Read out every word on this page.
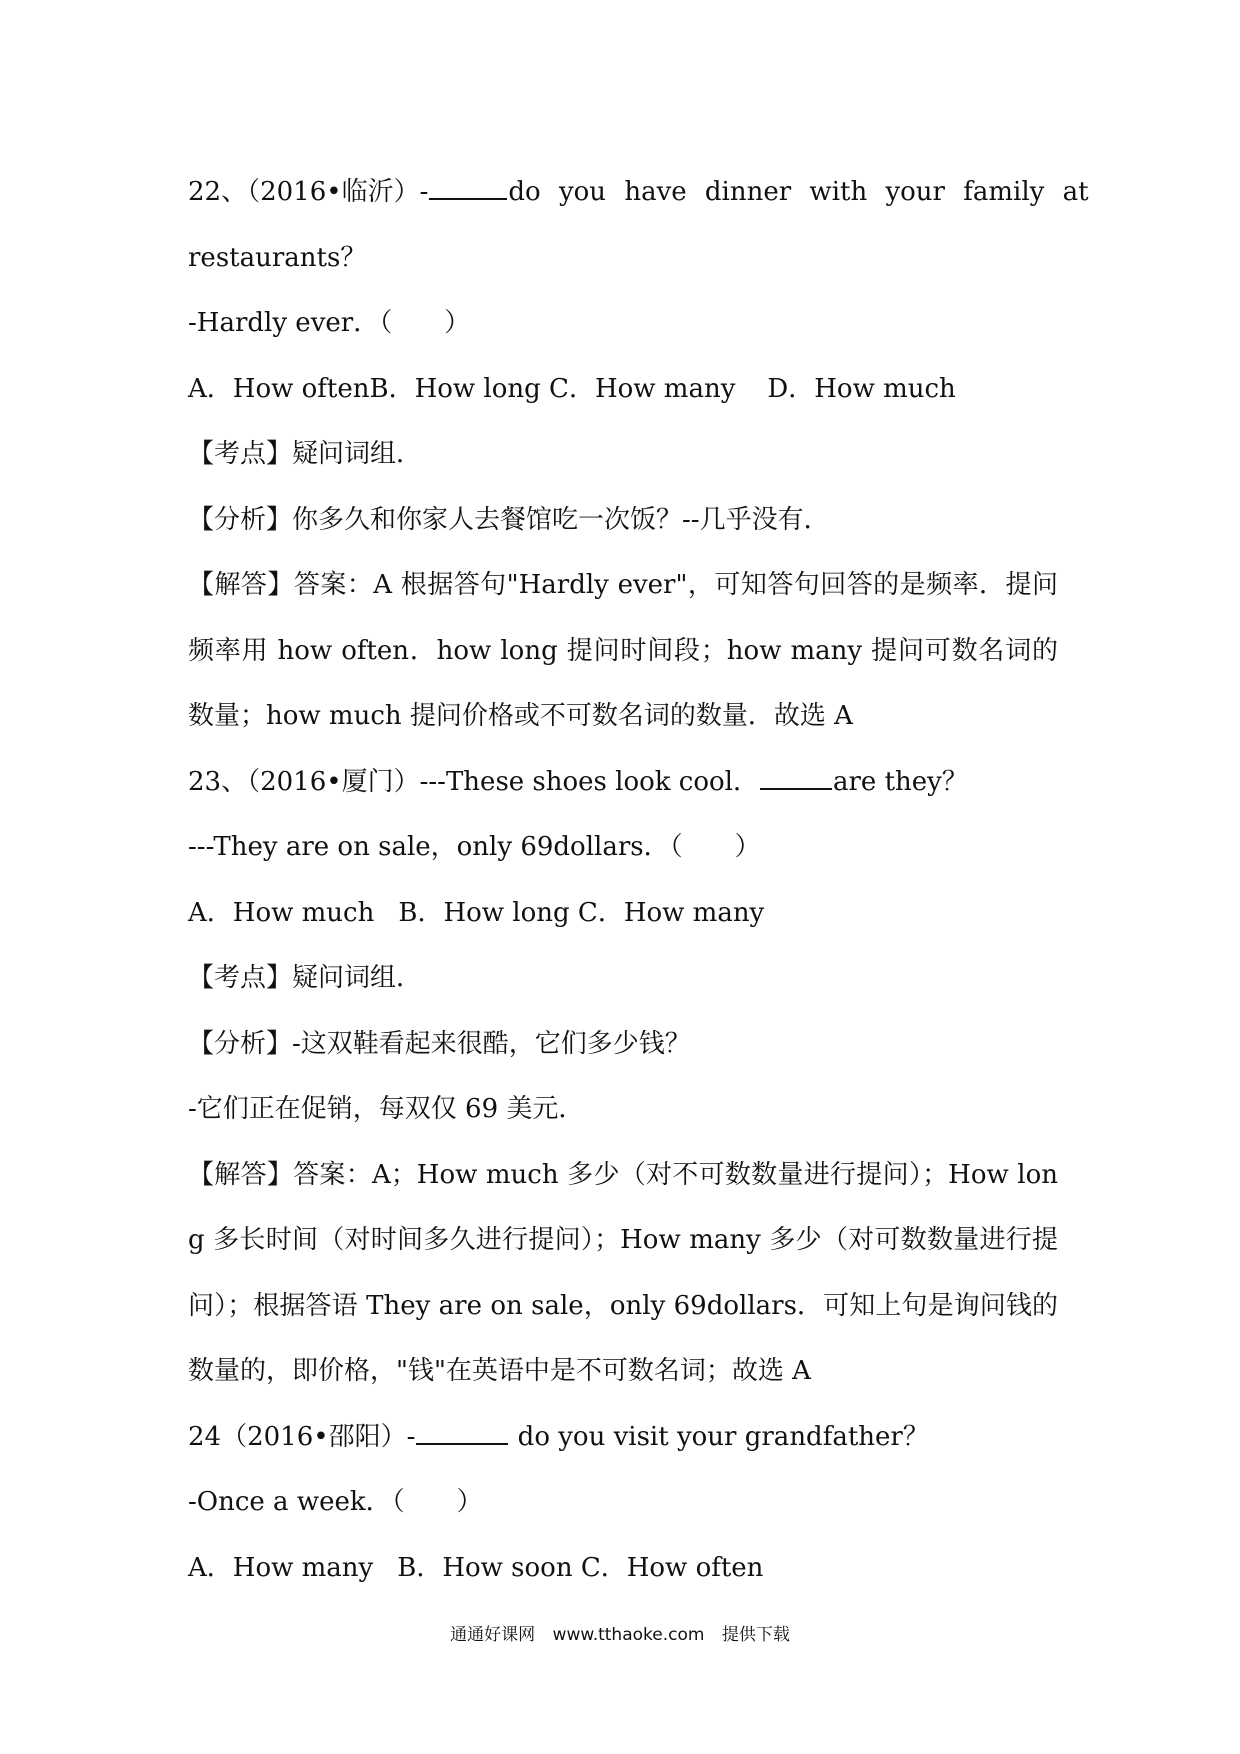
22、（2016•临沂）-	do you have dinner with your family at
restaurants？
-Hardly ever．（　　）
A．How oftenB．How long C．How many D．How much
【考点】疑问词组．
【分析】你多久和你家人去餐馆吃一次饭？--几乎没有．
【解答】答案：A 根据答句"Hardly ever"，可知答句回答的是频率．提问频率用 how often．how long 提问时间段；how many 提问可数名词的数量；how much 提问价格或不可数名词的数量．故选 A
23、（2016•厦门）---These shoes look cool．	are they？
---They are on sale，only 69dollars．（　　）
A．How much B．How long C．How many
【考点】疑问词组．
【分析】-这双鞋看起来很酷，它们多少钱？
-它们正在促销，每双仅 69 美元．
【解答】答案：A；How much 多少（对不可数数量进行提问）；How long 多长时间（对时间多久进行提问）；How many 多少（对可数数量进行提问）；根据答语 They are on sale，only 69dollars．可知上句是询问钱的数量的，即价格，"钱"在英语中是不可数名词；故选 A
24（2016•邵阳）-	do you visit your grandfather？
-Once a week．（　　）
A．How many B．How soon C．How often
通通好课网 www.tthaoke.com 提供下载
